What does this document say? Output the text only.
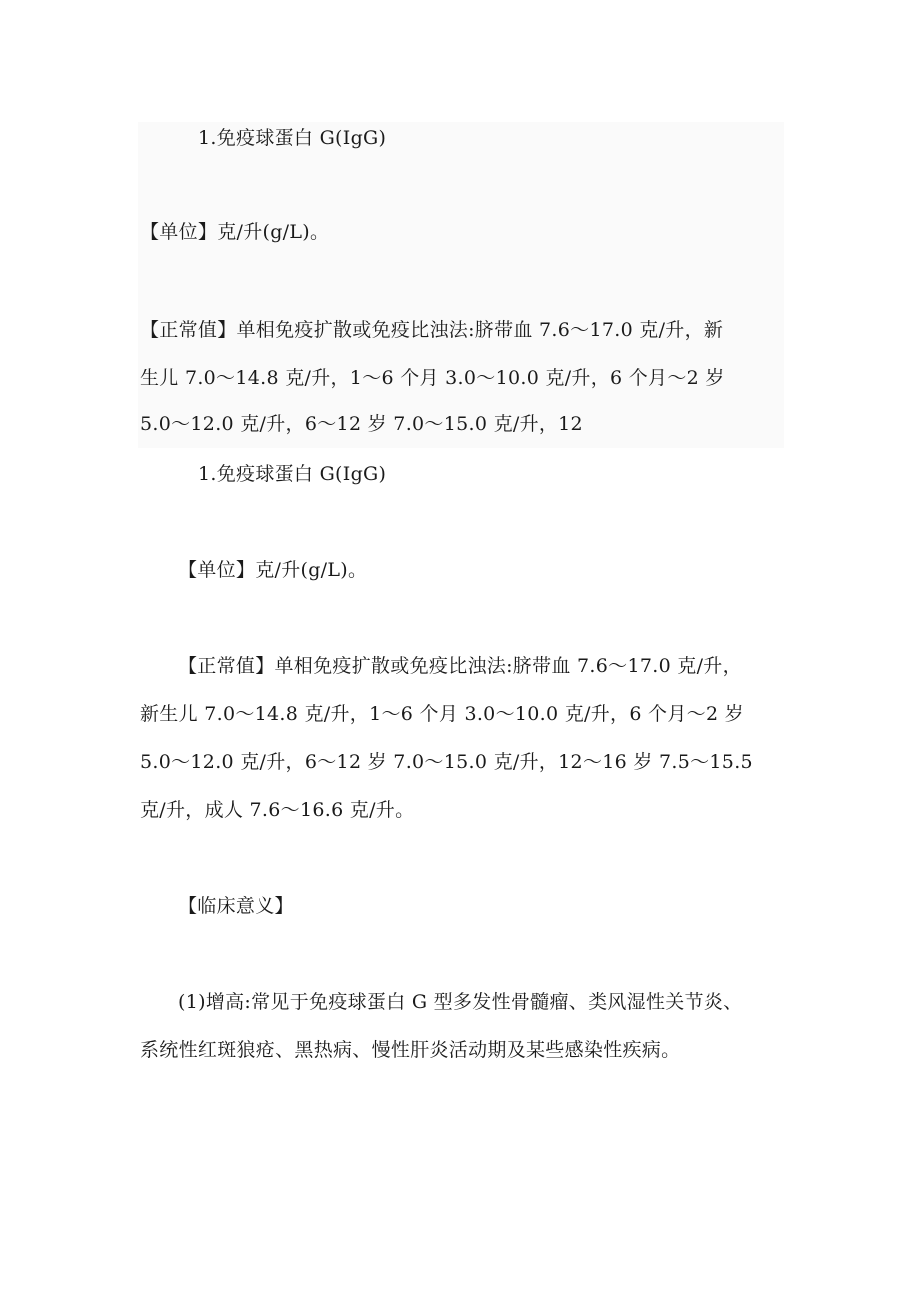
1.免疫球蛋白 G(IgG)
【单位】克/升(g/L)。
【正常值】单相免疫扩散或免疫比浊法:脐带血 7.6～17.0 克/升，新
生儿 7.0～14.8 克/升，1～6 个月 3.0～10.0 克/升，6 个月～2 岁
5.0～12.0 克/升，6～12 岁 7.0～15.0 克/升，12
1.免疫球蛋白 G(IgG)
【单位】克/升(g/L)。
【正常值】单相免疫扩散或免疫比浊法:脐带血 7.6～17.0 克/升，
新生儿 7.0～14.8 克/升，1～6 个月 3.0～10.0 克/升，6 个月～2 岁
5.0～12.0 克/升，6～12 岁 7.0～15.0 克/升，12～16 岁 7.5～15.5
克/升，成人 7.6～16.6 克/升。
【临床意义】
(1)增高:常见于免疫球蛋白 G 型多发性骨髓瘤、类风湿性关节炎、
系统性红斑狼疮、黑热病、慢性肝炎活动期及某些感染性疾病。
